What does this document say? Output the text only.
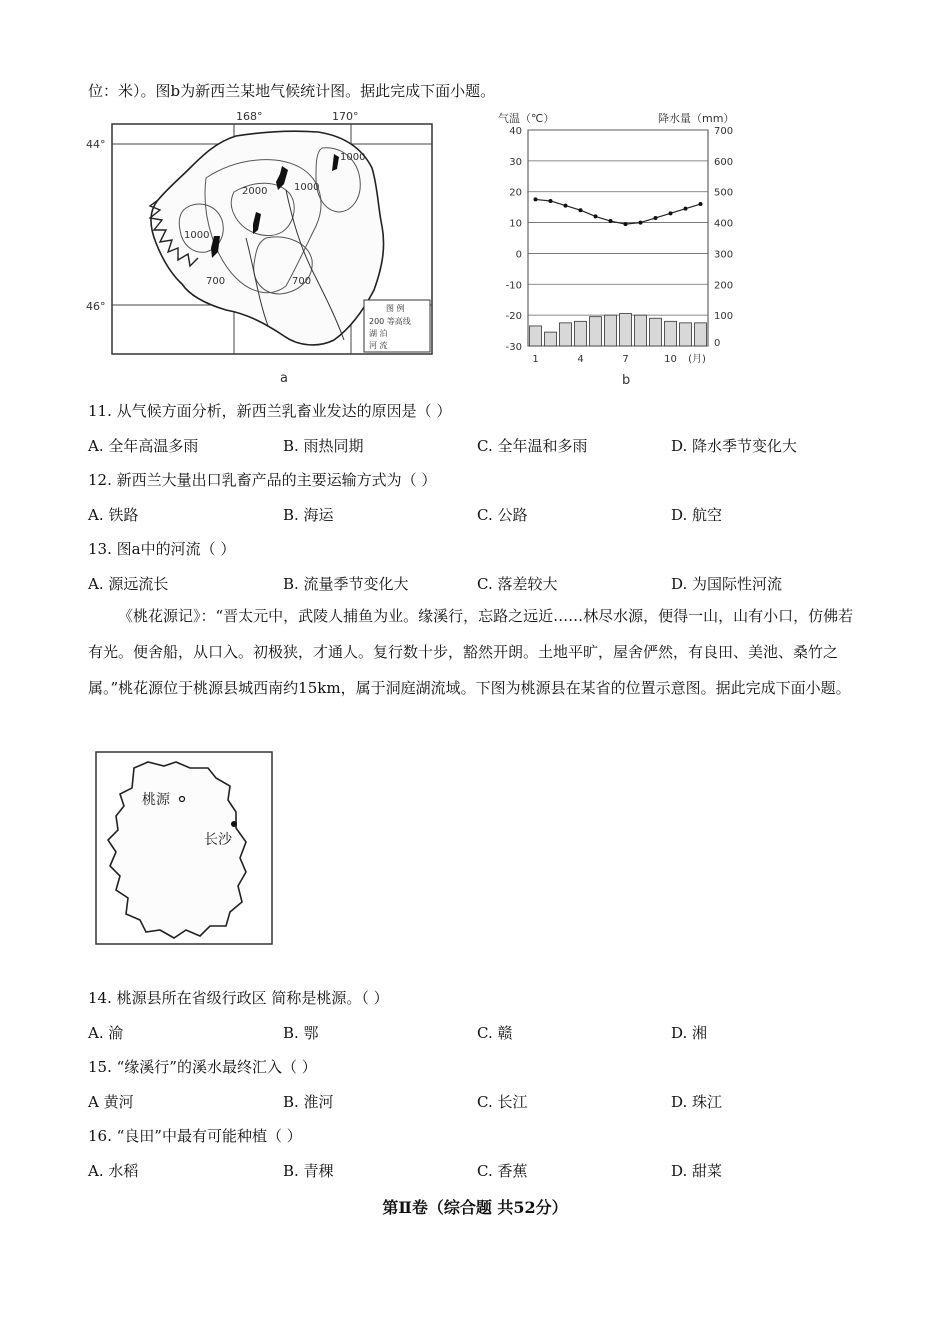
位：米）。图b为新西兰某地气候统计图。据此完成下面小题。
168°	170°
44°
46°
1000
2000	1000
1000
700	700
图 例
200 等高线
湖 泊
河 流
a
气温（℃）	降水量（mm）
40
30
20
10
0
-10
-20
-30
700
600
500
400
300
200
100
0
1	4	7	10 (月)
b
11. 从气候方面分析，新西兰乳畜业发达的原因是（ ）
A. 全年高温多雨	B. 雨热同期	C. 全年温和多雨	D. 降水季节变化大
12. 新西兰大量出口乳畜产品的主要运输方式为（ ）
A. 铁路	B. 海运	C. 公路	D. 航空
13. 图a中的河流（ ）
A. 源远流长	B. 流量季节变化大	C. 落差较大	D. 为国际性河流
《桃花源记》：“晋太元中，武陵人捕鱼为业。缘溪行，忘路之远近……林尽水源，便得一山，山有小口，仿佛若有光。便舍船，从口入。初极狭，才通人。复行数十步，豁然开朗。土地平旷，屋舍俨然，有良田、美池、桑竹之属。”桃花源位于桃源县城西南约15km，属于洞庭湖流域。下图为桃源县在某省的位置示意图。据此完成下面小题。
桃源
长沙
14. 桃源县所在省级行政区 简称是桃源。（ ）
A. 渝	B. 鄂	C. 赣	D. 湘
15. “缘溪行”的溪水最终汇入（ ）
A 黄河	B. 淮河	C. 长江	D. 珠江
16. “良田”中最有可能种植（ ）
A. 水稻	B. 青稞	C. 香蕉	D. 甜菜
第Ⅱ卷（综合题 共52分）
